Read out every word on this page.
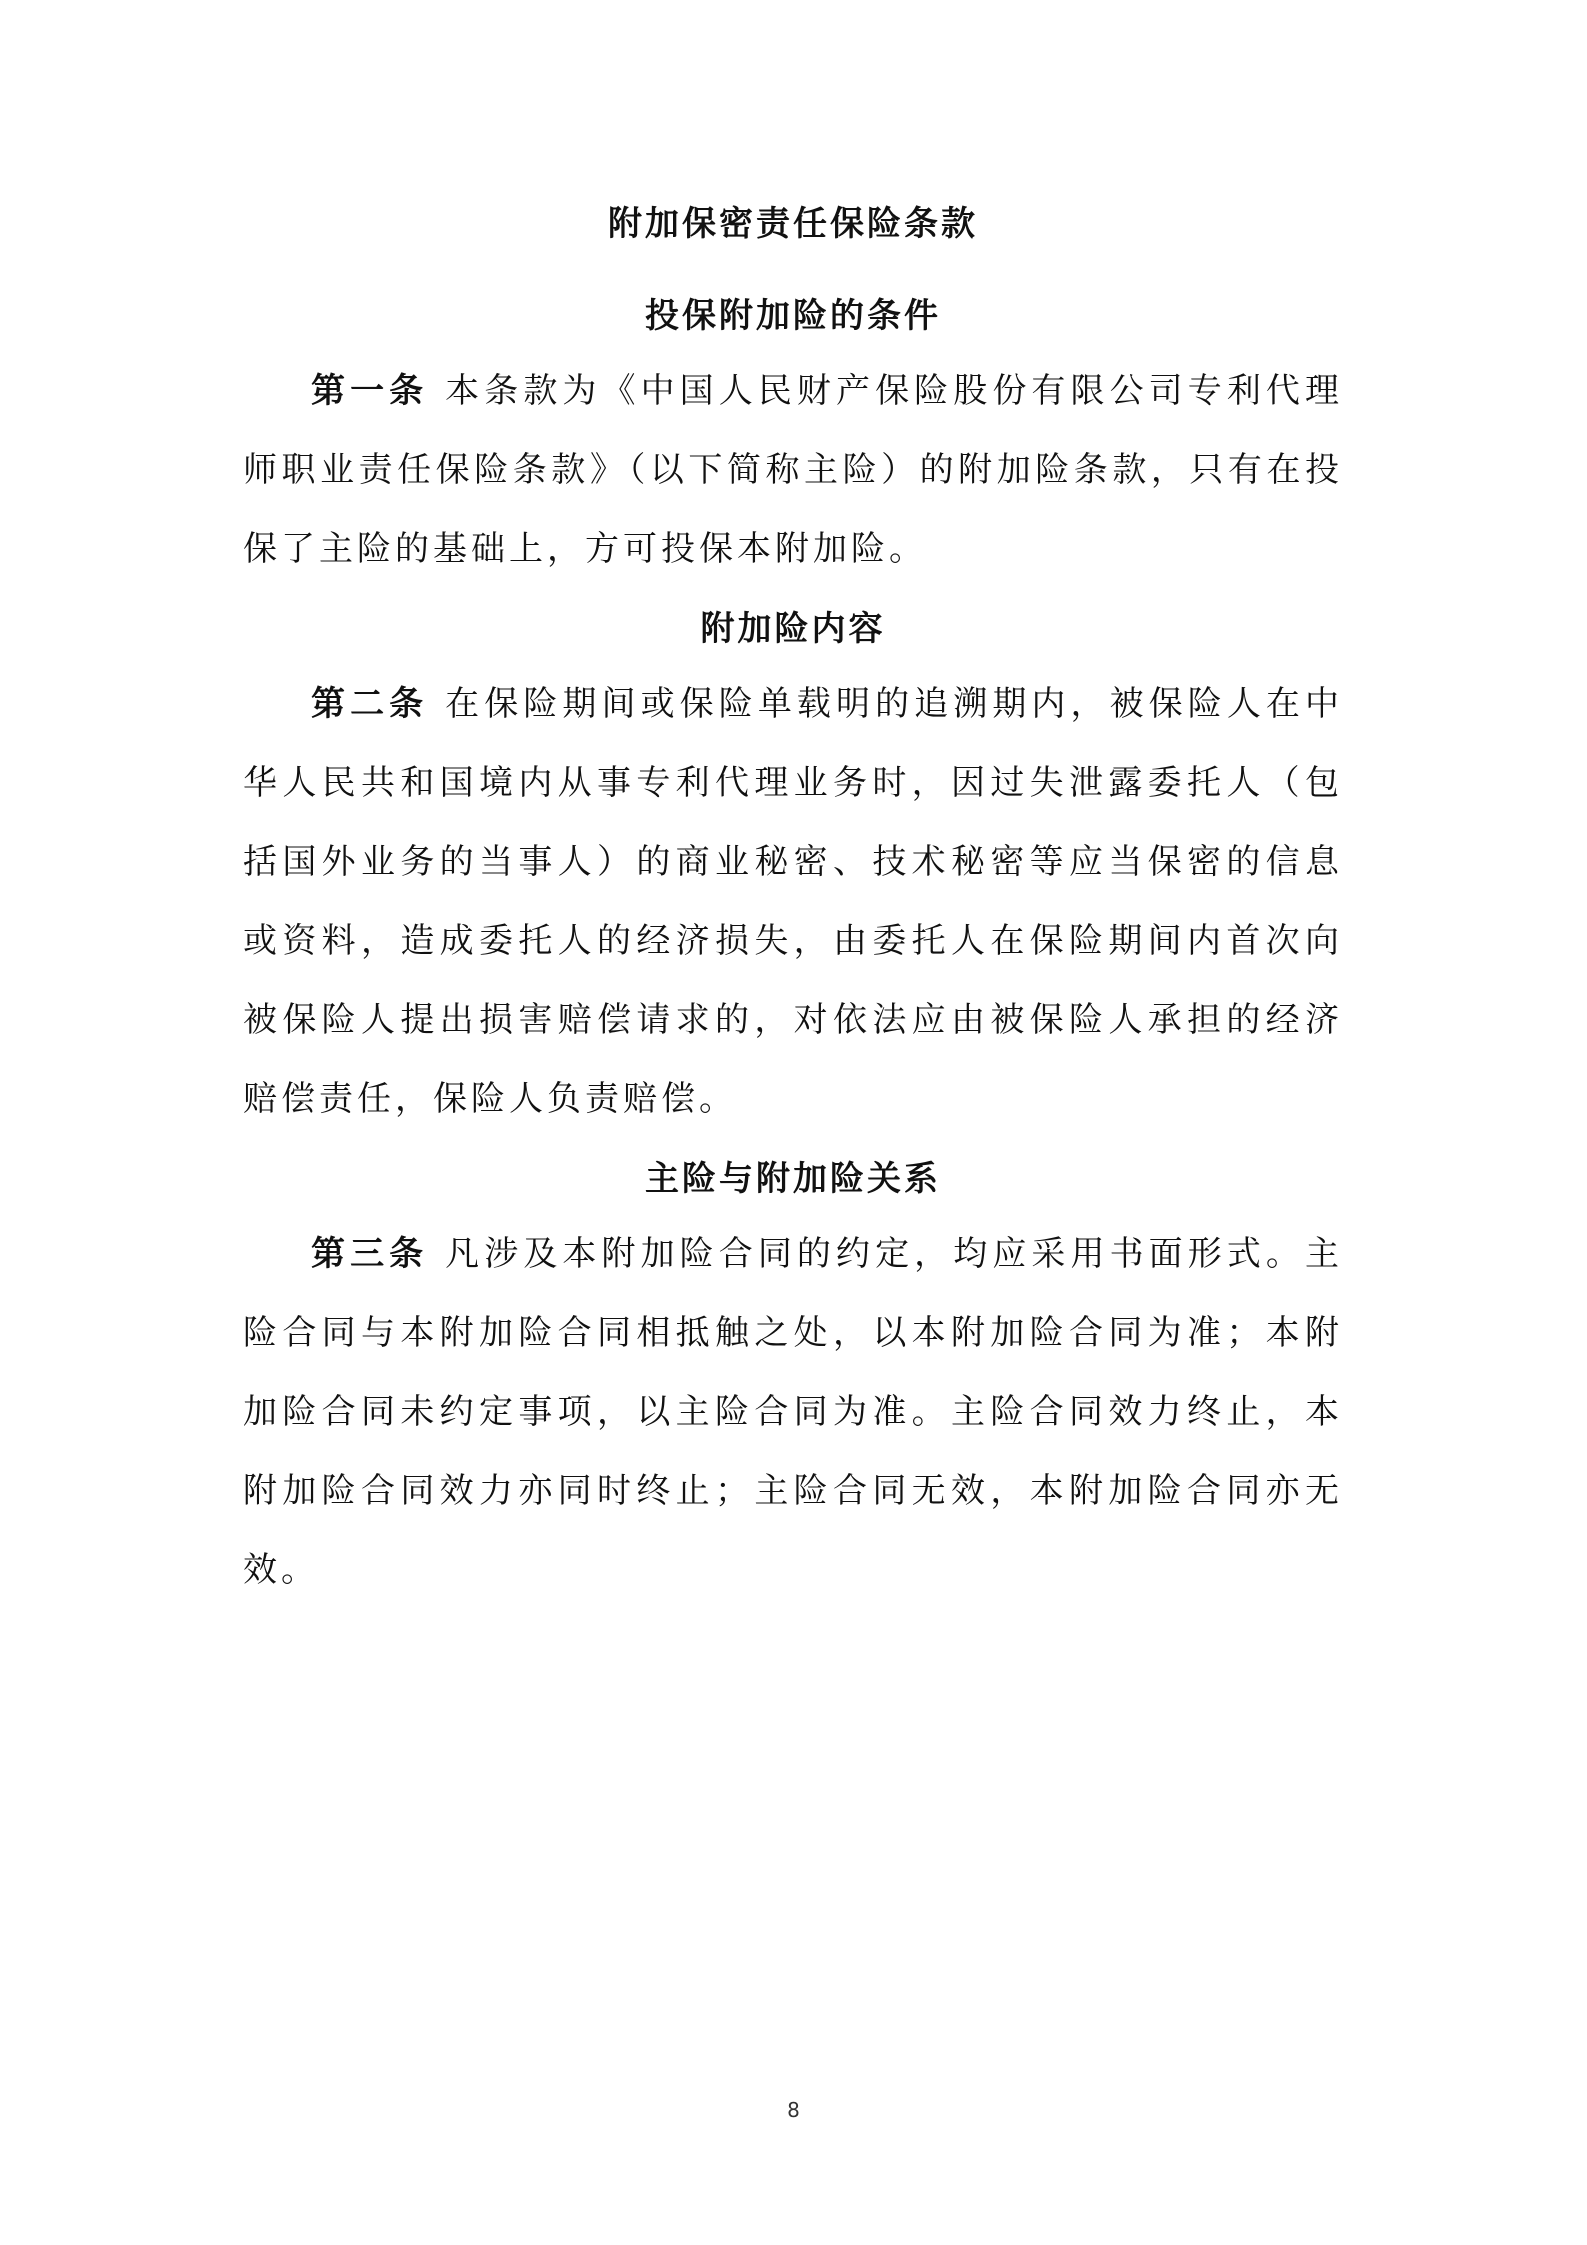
附加保密责任保险条款
投保附加险的条件

第一条 本条款为《中国人民财产保险股份有限公司专利代理师职业责任保险条款》（以下简称主险）的附加险条款，只有在投保了主险的基础上，方可投保本附加险。

附加险内容

第二条 在保险期间或保险单载明的追溯期内，被保险人在中华人民共和国境内从事专利代理业务时，因过失泄露委托人（包括国外业务的当事人）的商业秘密、技术秘密等应当保密的信息或资料，造成委托人的经济损失，由委托人在保险期间内首次向被保险人提出损害赔偿请求的，对依法应由被保险人承担的经济赔偿责任，保险人负责赔偿。

主险与附加险关系

第三条 凡涉及本附加险合同的约定，均应采用书面形式。主险合同与本附加险合同相抵触之处，以本附加险合同为准；本附加险合同未约定事项，以主险合同为准。主险合同效力终止，本附加险合同效力亦同时终止；主险合同无效，本附加险合同亦无效。

8
